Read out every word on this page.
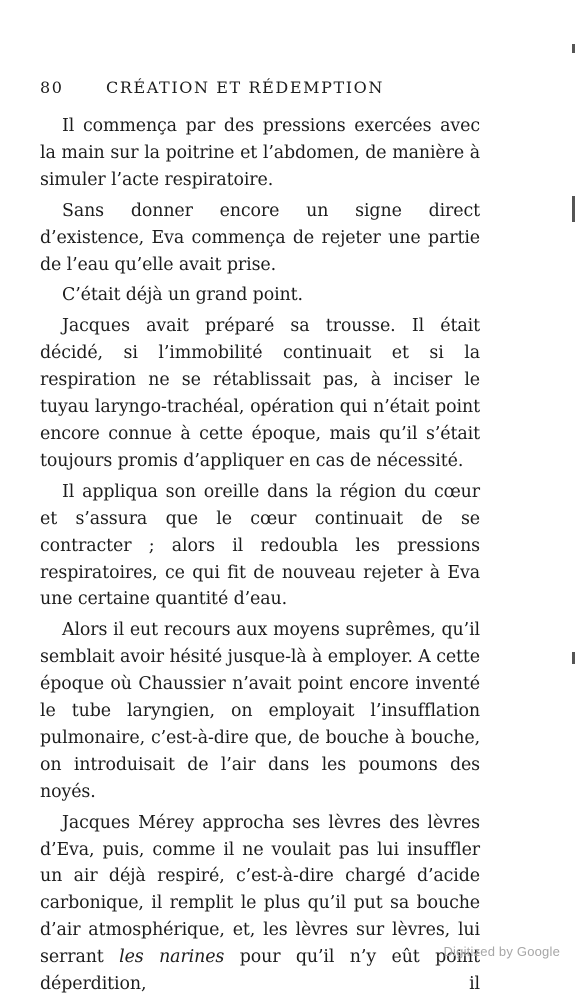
80	CRÉATION ET RÉDEMPTION

Il commença par des pressions exercées avec la main sur la poitrine et l’abdomen, de manière à simuler l’acte respiratoire.

Sans donner encore un signe direct d’existence, Eva commença de rejeter une partie de l’eau qu’elle avait prise.

C’était déjà un grand point.

Jacques avait préparé sa trousse. Il était décidé, si l’immobilité continuait et si la respiration ne se rétablissait pas, à inciser le tuyau laryngo-trachéal, opération qui n’était point encore connue à cette époque, mais qu’il s’était toujours promis d’appliquer en cas de nécessité.

Il appliqua son oreille dans la région du cœur et s’assura que le cœur continuait de se contracter ; alors il redoubla les pressions respiratoires, ce qui fit de nouveau rejeter à Eva une certaine quantité d’eau.

Alors il eut recours aux moyens suprêmes, qu’il semblait avoir hésité jusque-là à employer. A cette époque où Chaussier n’avait point encore inventé le tube laryngien, on employait l’insufflation pulmonaire, c’est-à-dire que, de bouche à bouche, on introduisait de l’air dans les poumons des noyés.

Jacques Mérey approcha ses lèvres des lèvres d’Eva, puis, comme il ne voulait pas lui insuffler un air déjà respiré, c’est-à-dire chargé d’acide carbonique, il remplit le plus qu’il put sa bouche d’air atmosphérique, et, les lèvres sur lèvres, lui serrant les narines pour qu’il n’y eût point déperdition, il

Digitized by Google
